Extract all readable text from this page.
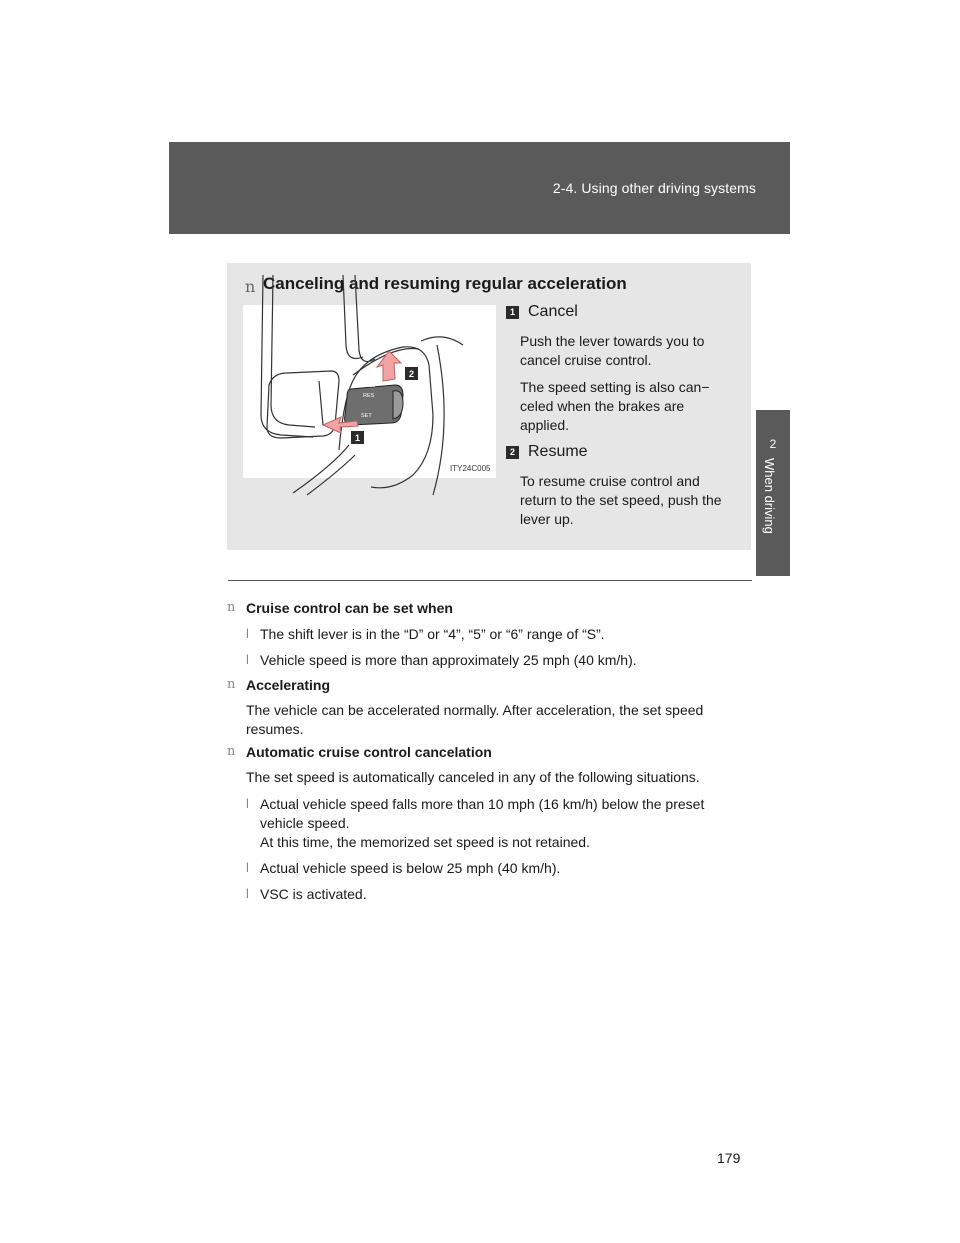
2-4. Using other driving systems
2
When driving
n Canceling and resuming regular acceleration
CANCEL
RES
SET
2
1
ITY24C005
1 Cancel
Push the lever towards you to cancel cruise control.
The speed setting is also can− celed when the brakes are applied.
2 Resume
To resume cruise control and return to the set speed, push the lever up.
n Cruise control can be set when
l The shift lever is in the “D” or “4”, “5” or “6” range of “S”.
l Vehicle speed is more than approximately 25 mph (40 km/h).
n Accelerating
The vehicle can be accelerated normally. After acceleration, the set speed
resumes.
n Automatic cruise control cancelation
The set speed is automatically canceled in any of the following situations.
l Actual vehicle speed falls more than 10 mph (16 km/h) below the preset
vehicle speed.
At this time, the memorized set speed is not retained.
l Actual vehicle speed is below 25 mph (40 km/h).
l VSC is activated.
179
